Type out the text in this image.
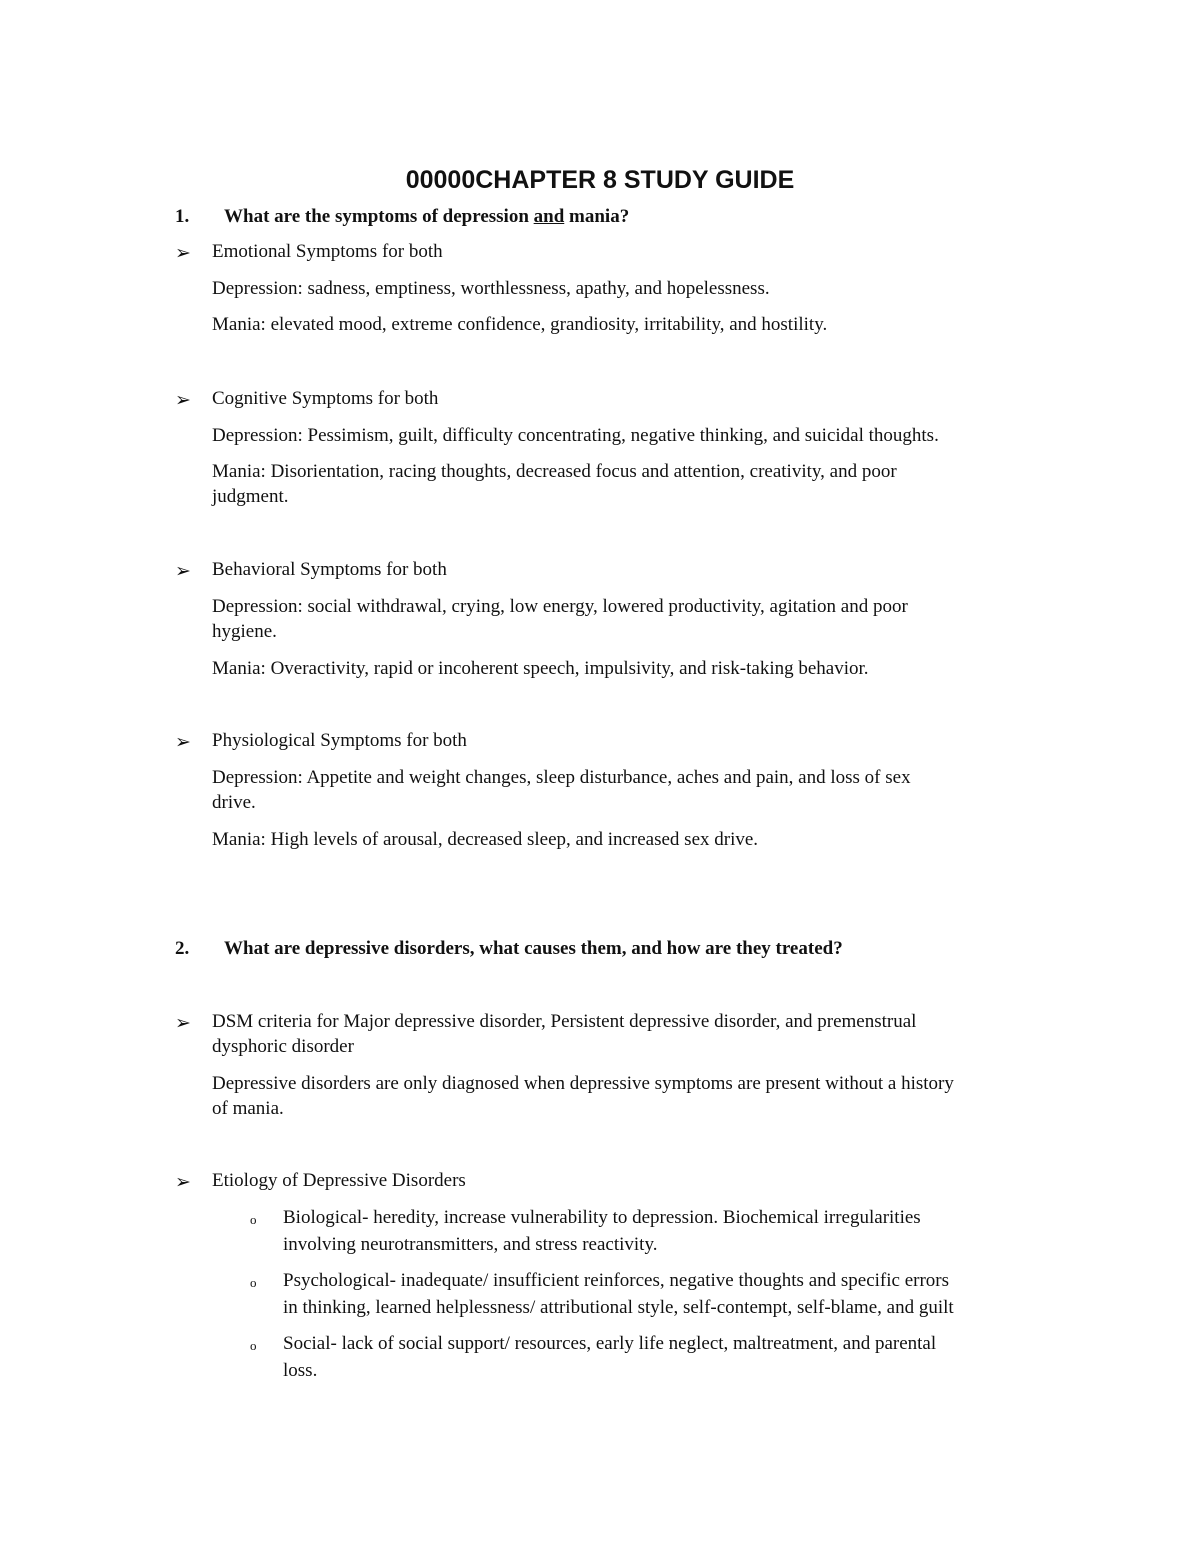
00000CHAPTER 8 STUDY GUIDE
1. What are the symptoms of depression and mania?
➢ Emotional Symptoms for both
Depression: sadness, emptiness, worthlessness, apathy, and hopelessness.
Mania: elevated mood, extreme confidence, grandiosity, irritability, and hostility.
➢ Cognitive Symptoms for both
Depression: Pessimism, guilt, difficulty concentrating, negative thinking, and suicidal thoughts.
Mania: Disorientation, racing thoughts, decreased focus and attention, creativity, and poor
judgment.
➢ Behavioral Symptoms for both
Depression: social withdrawal, crying, low energy, lowered productivity, agitation and poor
hygiene.
Mania: Overactivity, rapid or incoherent speech, impulsivity, and risk-taking behavior.
➢ Physiological Symptoms for both
Depression: Appetite and weight changes, sleep disturbance, aches and pain, and loss of sex
drive.
Mania: High levels of arousal, decreased sleep, and increased sex drive.
2. What are depressive disorders, what causes them, and how are they treated?
➢ DSM criteria for Major depressive disorder, Persistent depressive disorder, and premenstrual
dysphoric disorder
Depressive disorders are only diagnosed when depressive symptoms are present without a history
of mania.
➢ Etiology of Depressive Disorders
o Biological- heredity, increase vulnerability to depression. Biochemical irregularities
involving neurotransmitters, and stress reactivity.
o Psychological- inadequate/ insufficient reinforces, negative thoughts and specific errors
in thinking, learned helplessness/ attributional style, self-contempt, self-blame, and guilt
o Social- lack of social support/ resources, early life neglect, maltreatment, and parental
loss.
